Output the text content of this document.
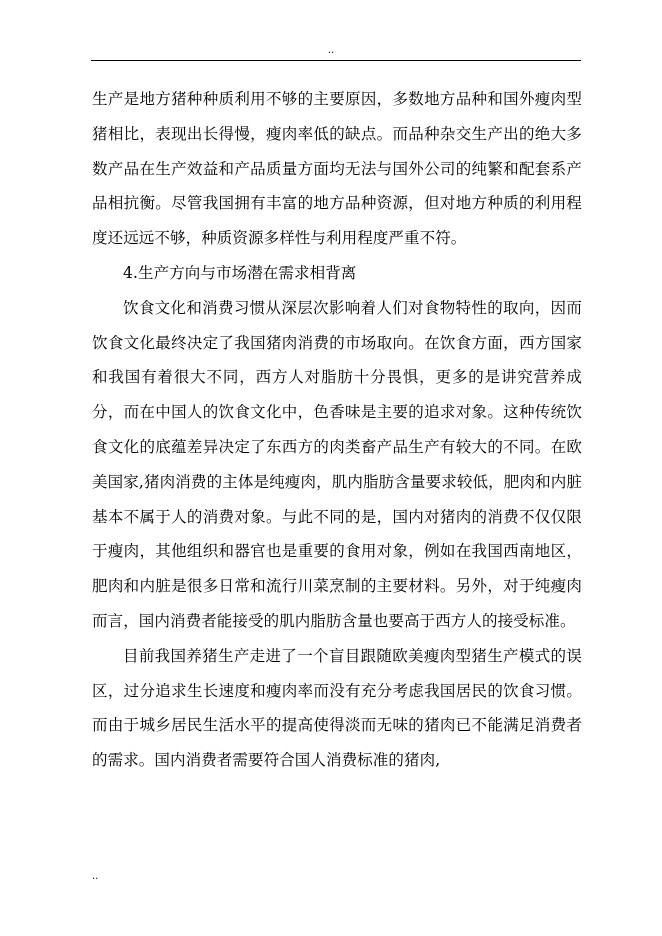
..

生产是地方猪种种质利用不够的主要原因，多数地方品种和国外瘦肉型猪相比，表现出长得慢，瘦肉率低的缺点。而品种杂交生产出的绝大多数产品在生产效益和产品质量方面均无法与国外公司的纯繁和配套系产品相抗衡。尽管我国拥有丰富的地方品种资源，但对地方种质的利用程度还远远不够，种质资源多样性与利用程度严重不符。

4.生产方向与市场潜在需求相背离

饮食文化和消费习惯从深层次影响着人们对食物特性的取向，因而饮食文化最终决定了我国猪肉消费的市场取向。在饮食方面，西方国家和我国有着很大不同，西方人对脂肪十分畏惧，更多的是讲究营养成分，而在中国人的饮食文化中，色香味是主要的追求对象。这种传统饮食文化的底蕴差异决定了东西方的肉类畜产品生产有较大的不同。在欧美国家,猪肉消费的主体是纯瘦肉，肌内脂肪含量要求较低，肥肉和内脏基本不属于人的消费对象。与此不同的是，国内对猪肉的消费不仅仅限于瘦肉，其他组织和器官也是重要的食用对象，例如在我国西南地区，肥肉和内脏是很多日常和流行川菜烹制的主要材料。另外，对于纯瘦肉而言，国内消费者能接受的肌内脂肪含量也要高于西方人的接受标准。

目前我国养猪生产走进了一个盲目跟随欧美瘦肉型猪生产模式的误区，过分追求生长速度和瘦肉率而没有充分考虑我国居民的饮食习惯。而由于城乡居民生活水平的提高使得淡而无味的猪肉已不能满足消费者的需求。国内消费者需要符合国人消费标准的猪肉,

..
